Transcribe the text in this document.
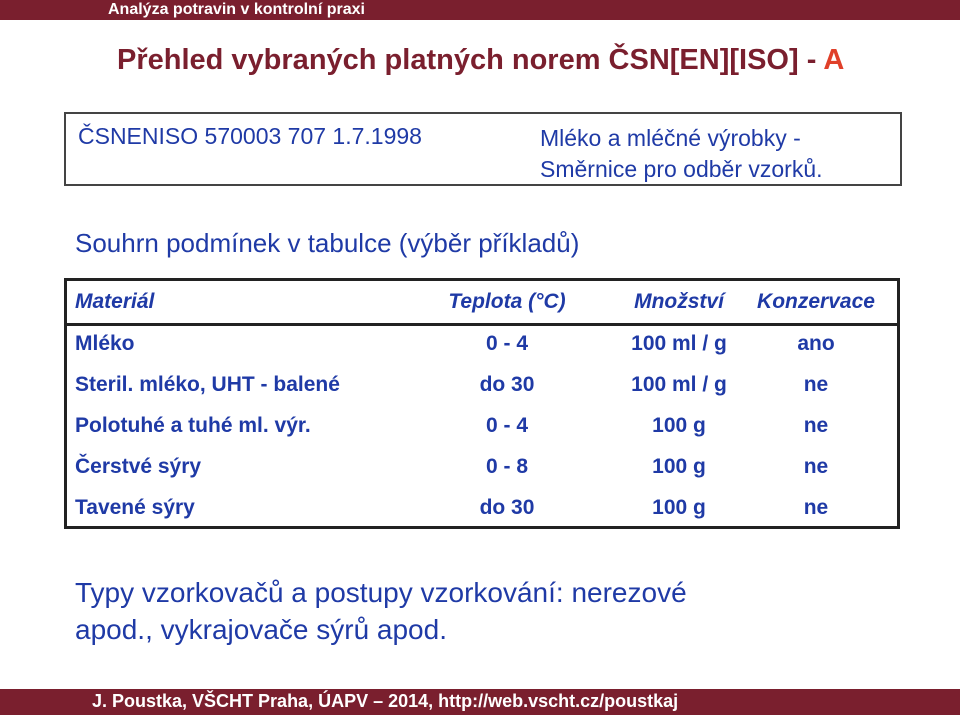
Analýza potravin v kontrolní praxi
Přehled vybraných platných norem ČSN[EN][ISO] - A
ČSNENISO 570003 707 1.7.1998	Mléko a mléčné výrobky -
Směrnice pro odběr vzorků.
Souhrn podmínek v tabulce (výběr příkladů)
Materiál	Teplota (°C)	Množství	Konzervace
Mléko	0 - 4	100 ml / g	ano
Steril. mléko, UHT - balené	do 30	100 ml / g	ne
Polotuhé a tuhé ml. výr.	0 - 4	100 g	ne
Čerstvé sýry	0 - 8	100 g	ne
Tavené sýry	do 30	100 g	ne
Typy vzorkovačů a postupy vzorkování: nerezové
apod., vykrajovače sýrů apod.
J. Poustka, VŠCHT Praha, ÚAPV – 2014, http://web.vscht.cz/poustkaj
